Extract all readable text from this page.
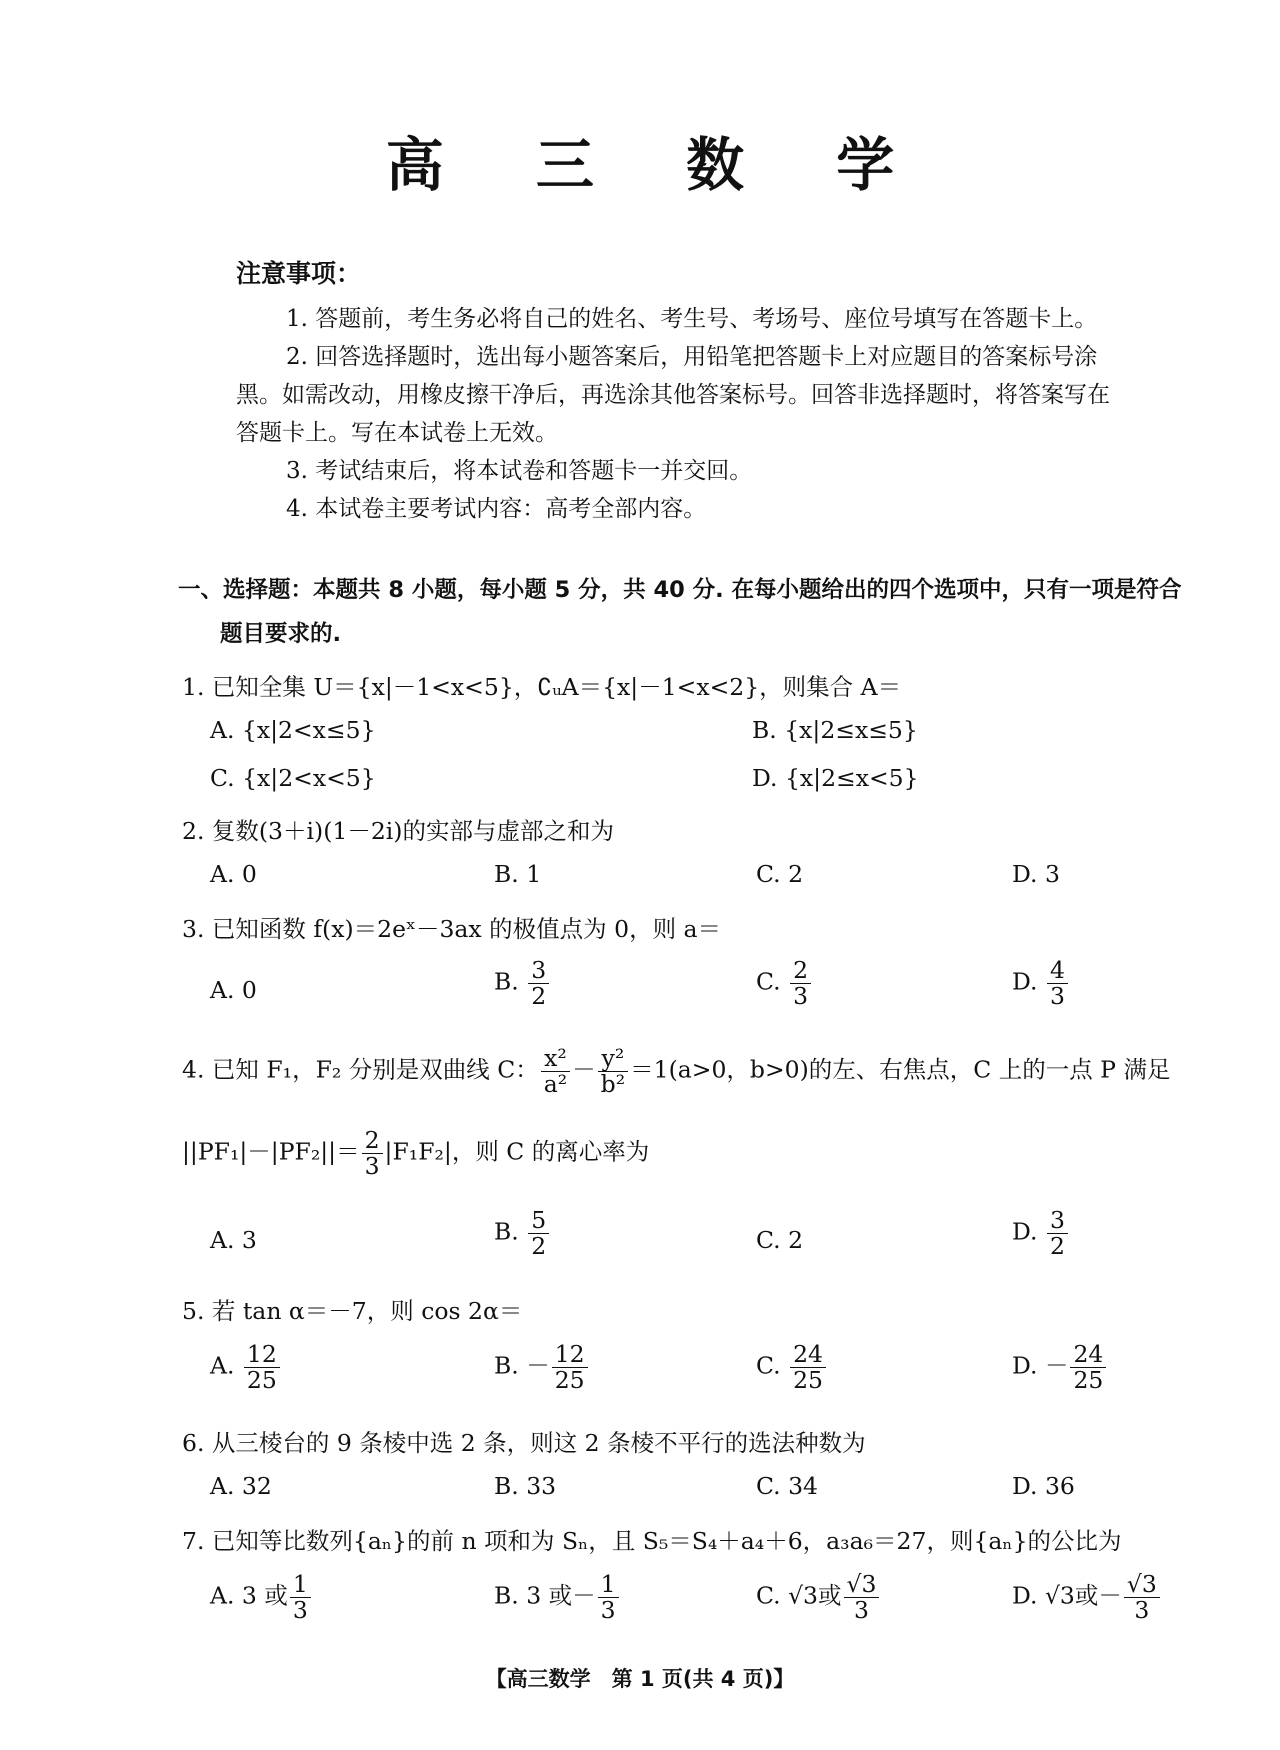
高 三 数 学
注意事项：
1. 答题前，考生务必将自己的姓名、考生号、考场号、座位号填写在答题卡上。
2. 回答选择题时，选出每小题答案后，用铅笔把答题卡上对应题目的答案标号涂
黑。如需改动，用橡皮擦干净后，再选涂其他答案标号。回答非选择题时，将答案写在
答题卡上。写在本试卷上无效。
3. 考试结束后，将本试卷和答题卡一并交回。
4. 本试卷主要考试内容：高考全部内容。
一、选择题：本题共 8 小题，每小题 5 分，共 40 分. 在每小题给出的四个选项中，只有一项是符合
题目要求的.
1. 已知全集 U＝{x|－1<x<5}，∁ᵤA＝{x|－1<x<2}，则集合 A＝
A. {x|2<x≤5}	B. {x|2≤x≤5}
C. {x|2<x<5}	D. {x|2≤x<5}
2. 复数(3＋i)(1－2i)的实部与虚部之和为
A. 0	B. 1	C. 2	D. 3
3. 已知函数 f(x)＝2eˣ－3ax 的极值点为 0，则 a＝
A. 0	B. $\frac{3}{2}$	C. $\frac{2}{3}$	D. $\frac{4}{3}$
4. 已知 F₁，F₂ 分别是双曲线 C： $\frac{\text{x²}}{\text{a²}} - \frac{\text{y²}}{\text{b²}} =1(a>0$，b>0)的左、右焦点，C 上的一点 P 满足
$||PF_1|-|PF_2||= \frac{2}{3} |F_1F_2|$，则 C 的离心率为
A. 3	B. $\frac{5}{2}$	C. 2	D. $\frac{3}{2}$
5. 若 tan α＝－7，则 cos 2α＝
A. $\frac{12}{25}$	B. － $\frac{12}{25}$	C. $\frac{24}{25}$	D. － $\frac{24}{25}$
6. 从三棱台的 9 条棱中选 2 条，则这 2 条棱不平行的选法种数为
A. 32	B. 33	C. 34	D. 36
7. 已知等比数列{aₙ}的前 n 项和为 Sₙ，且 S₅＝S₄＋a₄＋6，a₃a₆＝27，则{aₙ}的公比为
A. 3 或 $\frac{1}{3}$	B. 3 或－ $\frac{1}{3}$	C. √3或 $\frac{√3}{3}$	D. √3或－ $\frac{√3}{3}$
【高三数学　第 1 页(共 4 页)】
